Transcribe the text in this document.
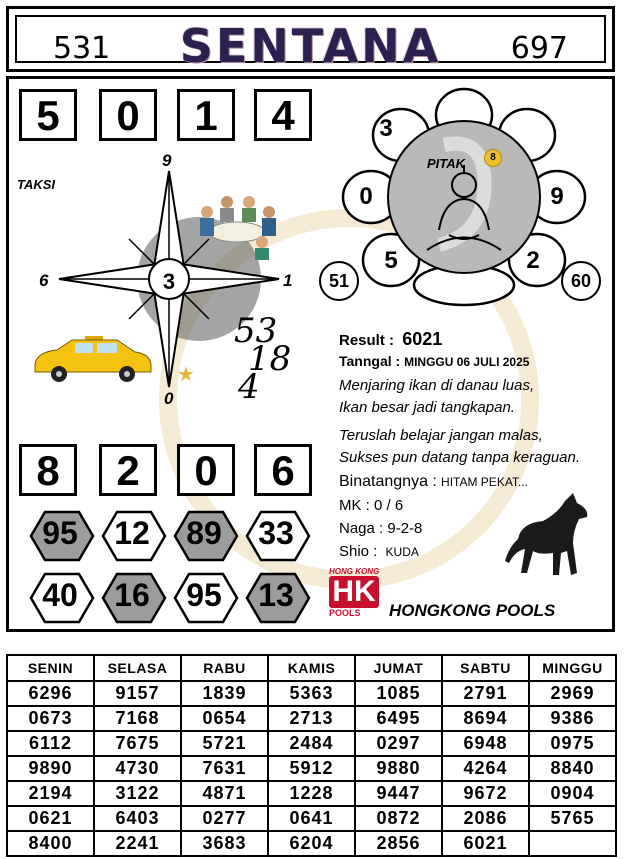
531	SENTANA	697
5	0	1	4
TAKSI
9
0
6	1
3
★
53
18
4
PITAK	8
3
0	9
5	2
51	60
Result : 6021
Tanngal : MINGGU 06 JULI 2025
Menjaring ikan di danau luas,
Ikan besar jadi tangkapan.
Teruslah belajar jangan malas,
Sukses pun datang tanpa keraguan.
Binatangnya : HITAM PEKAT...
MK : 0 / 6
Naga : 9-2-8
Shio : KUDA
8	2	0	6
95	12	89	33
40	16	95	13
HONG KONG
HK
POOLS	HONGKONG POOLS
SENIN	SELASA	RABU	KAMIS	JUMAT	SABTU	MINGGU
6296	9157	1839	5363	1085	2791	2969
0673	7168	0654	2713	6495	8694	9386
6112	7675	5721	2484	0297	6948	0975
9890	4730	7631	5912	9880	4264	8840
2194	3122	4871	1228	9447	9672	0904
0621	6403	0277	0641	0872	2086	5765
8400	2241	3683	6204	2856	6021	
